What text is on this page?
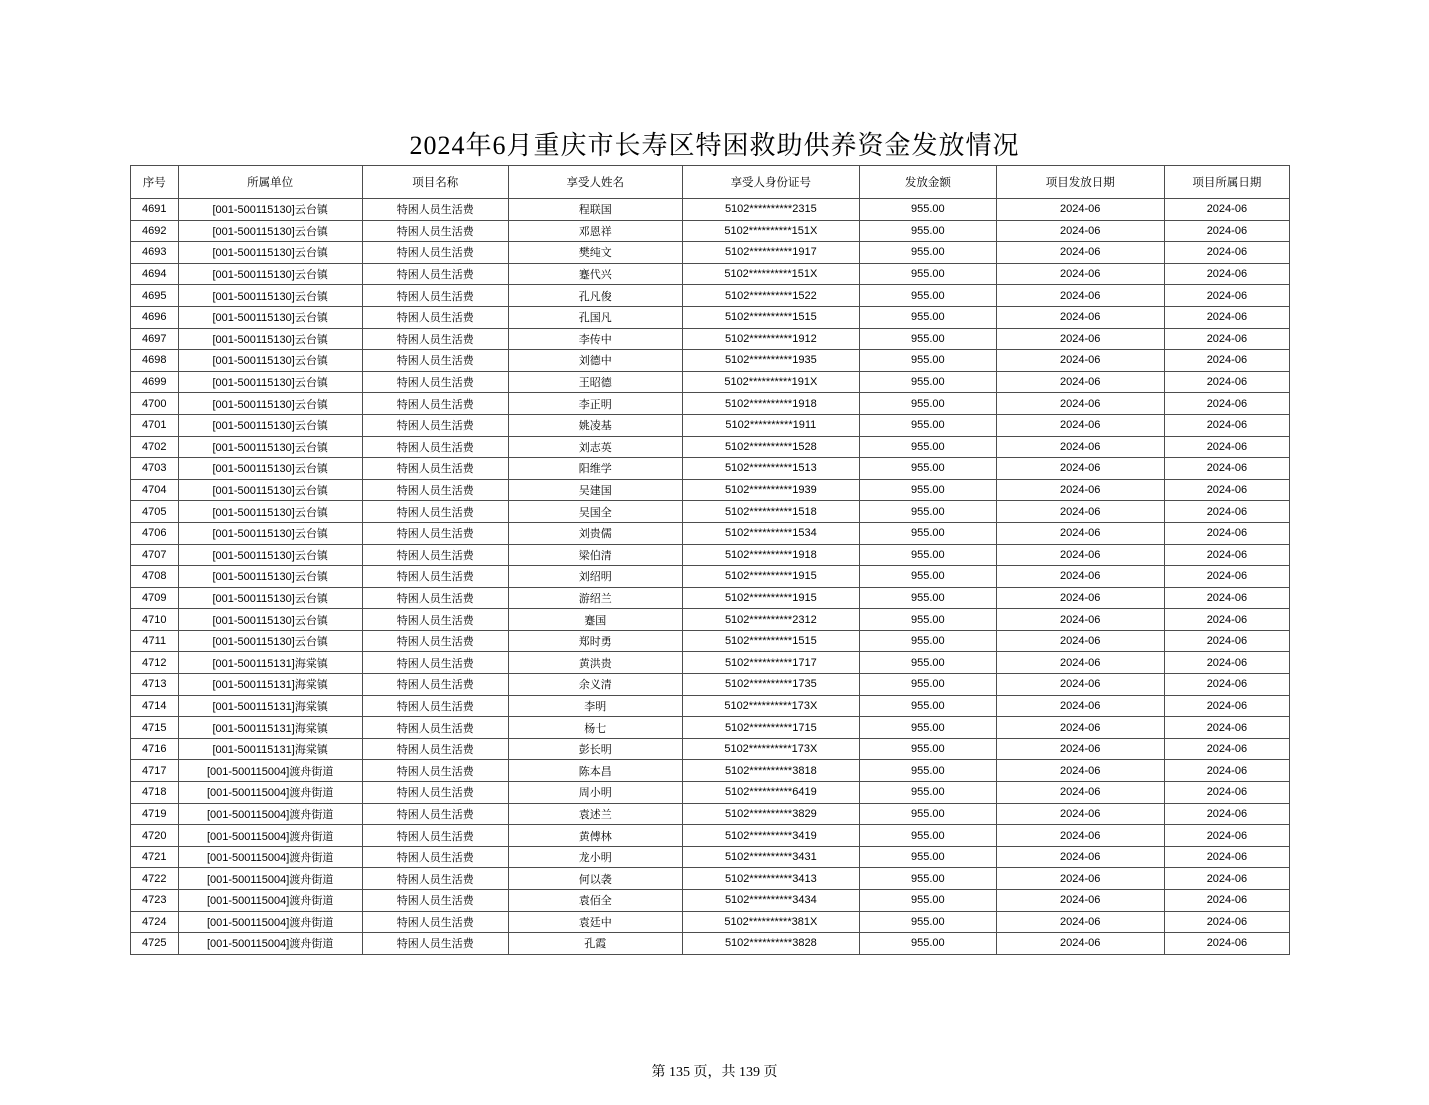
2024年6月重庆市长寿区特困救助供养资金发放情况
序号	所属单位	项目名称	享受人姓名	享受人身份证号	发放金额	项目发放日期	项目所属日期
4691	[001-500115130]云台镇	特困人员生活费	程联国	5102**********2315	955.00	2024-06	2024-06
4692	[001-500115130]云台镇	特困人员生活费	邓恩祥	5102**********151X	955.00	2024-06	2024-06
4693	[001-500115130]云台镇	特困人员生活费	樊纯文	5102**********1917	955.00	2024-06	2024-06
4694	[001-500115130]云台镇	特困人员生活费	蹇代兴	5102**********151X	955.00	2024-06	2024-06
4695	[001-500115130]云台镇	特困人员生活费	孔凡俊	5102**********1522	955.00	2024-06	2024-06
4696	[001-500115130]云台镇	特困人员生活费	孔国凡	5102**********1515	955.00	2024-06	2024-06
4697	[001-500115130]云台镇	特困人员生活费	李传中	5102**********1912	955.00	2024-06	2024-06
4698	[001-500115130]云台镇	特困人员生活费	刘德中	5102**********1935	955.00	2024-06	2024-06
4699	[001-500115130]云台镇	特困人员生活费	王昭德	5102**********191X	955.00	2024-06	2024-06
4700	[001-500115130]云台镇	特困人员生活费	李正明	5102**********1918	955.00	2024-06	2024-06
4701	[001-500115130]云台镇	特困人员生活费	姚凌基	5102**********1911	955.00	2024-06	2024-06
4702	[001-500115130]云台镇	特困人员生活费	刘志英	5102**********1528	955.00	2024-06	2024-06
4703	[001-500115130]云台镇	特困人员生活费	阳维学	5102**********1513	955.00	2024-06	2024-06
4704	[001-500115130]云台镇	特困人员生活费	吴建国	5102**********1939	955.00	2024-06	2024-06
4705	[001-500115130]云台镇	特困人员生活费	吴国全	5102**********1518	955.00	2024-06	2024-06
4706	[001-500115130]云台镇	特困人员生活费	刘贵儒	5102**********1534	955.00	2024-06	2024-06
4707	[001-500115130]云台镇	特困人员生活费	梁伯清	5102**********1918	955.00	2024-06	2024-06
4708	[001-500115130]云台镇	特困人员生活费	刘绍明	5102**********1915	955.00	2024-06	2024-06
4709	[001-500115130]云台镇	特困人员生活费	游绍兰	5102**********1915	955.00	2024-06	2024-06
4710	[001-500115130]云台镇	特困人员生活费	蹇国	5102**********2312	955.00	2024-06	2024-06
4711	[001-500115130]云台镇	特困人员生活费	郑时勇	5102**********1515	955.00	2024-06	2024-06
4712	[001-500115131]海棠镇	特困人员生活费	黄洪贵	5102**********1717	955.00	2024-06	2024-06
4713	[001-500115131]海棠镇	特困人员生活费	余义清	5102**********1735	955.00	2024-06	2024-06
4714	[001-500115131]海棠镇	特困人员生活费	李明	5102**********173X	955.00	2024-06	2024-06
4715	[001-500115131]海棠镇	特困人员生活费	杨七	5102**********1715	955.00	2024-06	2024-06
4716	[001-500115131]海棠镇	特困人员生活费	彭长明	5102**********173X	955.00	2024-06	2024-06
4717	[001-500115004]渡舟街道	特困人员生活费	陈本昌	5102**********3818	955.00	2024-06	2024-06
4718	[001-500115004]渡舟街道	特困人员生活费	周小明	5102**********6419	955.00	2024-06	2024-06
4719	[001-500115004]渡舟街道	特困人员生活费	袁述兰	5102**********3829	955.00	2024-06	2024-06
4720	[001-500115004]渡舟街道	特困人员生活费	黄傅林	5102**********3419	955.00	2024-06	2024-06
4721	[001-500115004]渡舟街道	特困人员生活费	龙小明	5102**********3431	955.00	2024-06	2024-06
4722	[001-500115004]渡舟街道	特困人员生活费	何以袭	5102**********3413	955.00	2024-06	2024-06
4723	[001-500115004]渡舟街道	特困人员生活费	袁佰全	5102**********3434	955.00	2024-06	2024-06
4724	[001-500115004]渡舟街道	特困人员生活费	袁廷中	5102**********381X	955.00	2024-06	2024-06
4725	[001-500115004]渡舟街道	特困人员生活费	孔霞	5102**********3828	955.00	2024-06	2024-06
第 135 页，共 139 页
